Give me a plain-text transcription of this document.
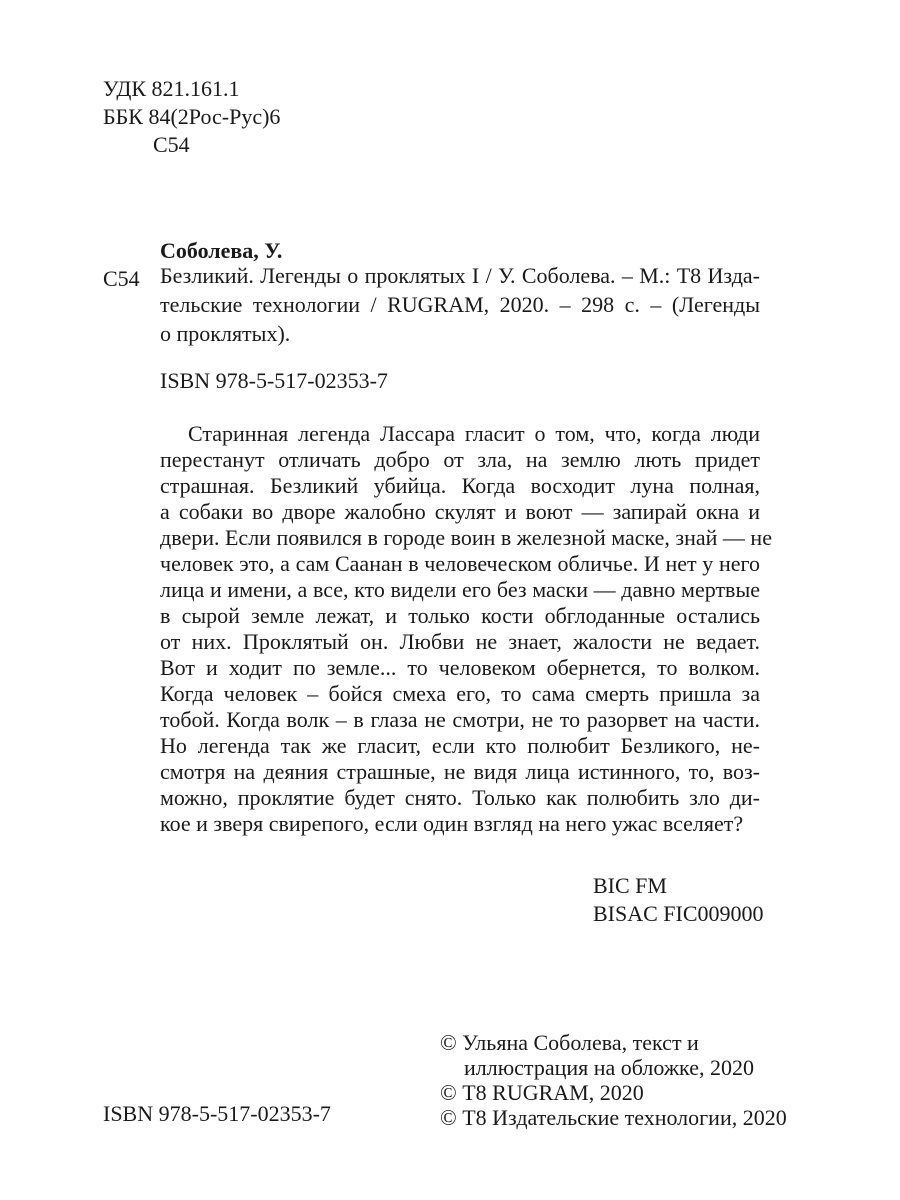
УДК 821.161.1
ББК 84(2Рос-Рус)6
С54
Соболева, У.
С54 Безликий. Легенды о проклятых I / У. Соболева. – М.: Т8 Изда-
тельские технологии / RUGRAM, 2020. – 298 с. – (Легенды
о проклятых).
ISBN 978-5-517-02353-7
Старинная легенда Лассара гласит о том, что, когда люди
перестанут отличать добро от зла, на землю лють придет
страшная. Безликий убийца. Когда восходит луна полная,
а собаки во дворе жалобно скулят и воют — запирай окна и
двери. Если появился в городе воин в железной маске, знай — не
человек это, а сам Саанан в человеческом обличье. И нет у него
лица и имени, а все, кто видели его без маски — давно мертвые
в сырой земле лежат, и только кости обглоданные остались
от них. Проклятый он. Любви не знает, жалости не ведает.
Вот и ходит по земле... то человеком обернется, то волком.
Когда человек – бойся смеха его, то сама смерть пришла за
тобой. Когда волк – в глаза не смотри, не то разорвет на части.
Но легенда так же гласит, если кто полюбит Безликого, не-
смотря на деяния страшные, не видя лица истинного, то, воз-
можно, проклятие будет снято. Только как полюбить зло ди-
кое и зверя свирепого, если один взгляд на него ужас вселяет?
BIC FM
BISAC FIC009000
© Ульяна Соболева, текст и
иллюстрация на обложке, 2020
© Т8 RUGRAM, 2020
© Т8 Издательские технологии, 2020
ISBN 978-5-517-02353-7
